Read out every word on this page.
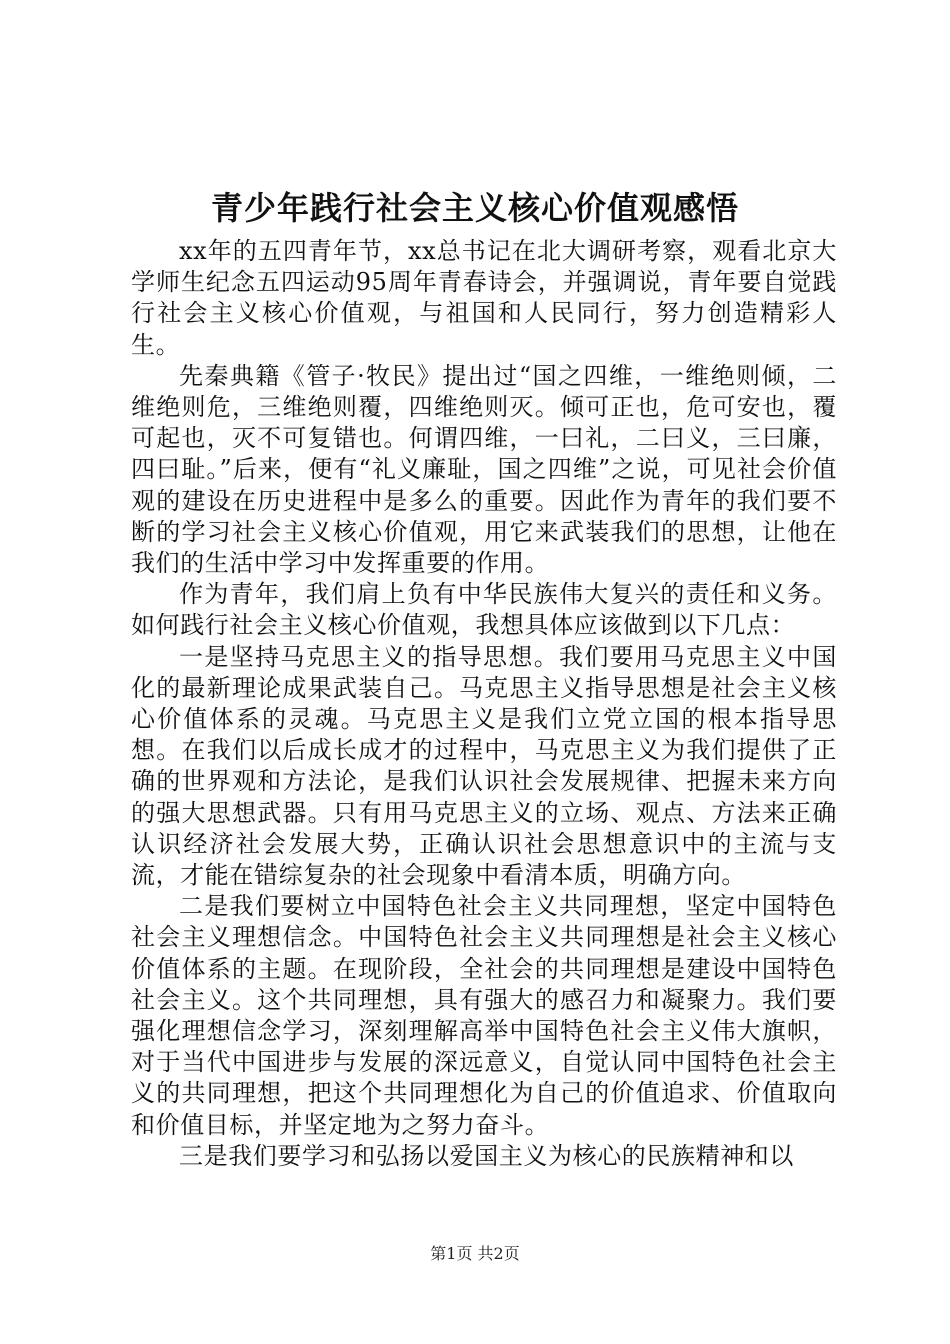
青少年践行社会主义核心价值观感悟

xx年的五四青年节，xx总书记在北大调研考察，观看北京大学师生纪念五四运动95周年青春诗会，并强调说，青年要自觉践行社会主义核心价值观，与祖国和人民同行，努力创造精彩人生。

先秦典籍《管子·牧民》提出过“国之四维，一维绝则倾，二维绝则危，三维绝则覆，四维绝则灭。倾可正也，危可安也，覆可起也，灭不可复错也。何谓四维，一曰礼，二曰义，三曰廉，四曰耻。”后来，便有“礼义廉耻，国之四维”之说，可见社会价值观的建设在历史进程中是多么的重要。因此作为青年的我们要不断的学习社会主义核心价值观，用它来武装我们的思想，让他在我们的生活中学习中发挥重要的作用。

作为青年，我们肩上负有中华民族伟大复兴的责任和义务。如何践行社会主义核心价值观，我想具体应该做到以下几点：

一是坚持马克思主义的指导思想。我们要用马克思主义中国化的最新理论成果武装自己。马克思主义指导思想是社会主义核心价值体系的灵魂。马克思主义是我们立党立国的根本指导思想。在我们以后成长成才的过程中，马克思主义为我们提供了正确的世界观和方法论，是我们认识社会发展规律、把握未来方向的强大思想武器。只有用马克思主义的立场、观点、方法来正确认识经济社会发展大势，正确认识社会思想意识中的主流与支流，才能在错综复杂的社会现象中看清本质，明确方向。

二是我们要树立中国特色社会主义共同理想，坚定中国特色社会主义理想信念。中国特色社会主义共同理想是社会主义核心价值体系的主题。在现阶段，全社会的共同理想是建设中国特色社会主义。这个共同理想，具有强大的感召力和凝聚力。我们要强化理想信念学习，深刻理解高举中国特色社会主义伟大旗帜，对于当代中国进步与发展的深远意义，自觉认同中国特色社会主义的共同理想，把这个共同理想化为自己的价值追求、价值取向和价值目标，并坚定地为之努力奋斗。

三是我们要学习和弘扬以爱国主义为核心的民族精神和以

第1页 共2页
